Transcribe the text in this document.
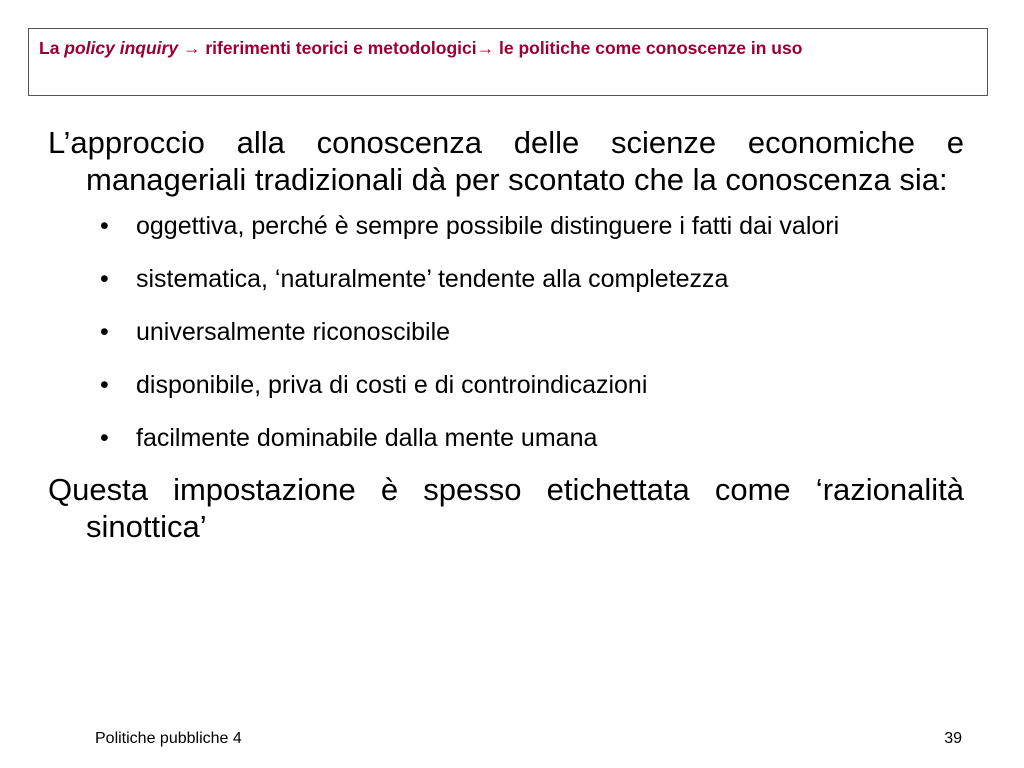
La policy inquiry → riferimenti teorici e metodologici→ le politiche come conoscenze in uso

L’approccio alla conoscenza delle scienze economiche e manageriali tradizionali dà per scontato che la conoscenza sia:

• oggettiva, perché è sempre possibile distinguere i fatti dai valori
• sistematica, ‘naturalmente’ tendente alla completezza
• universalmente riconoscibile
• disponibile, priva di costi e di controindicazioni
• facilmente dominabile dalla mente umana

Questa impostazione è spesso etichettata come ‘razionalità sinottica’

Politiche pubbliche 4	39
